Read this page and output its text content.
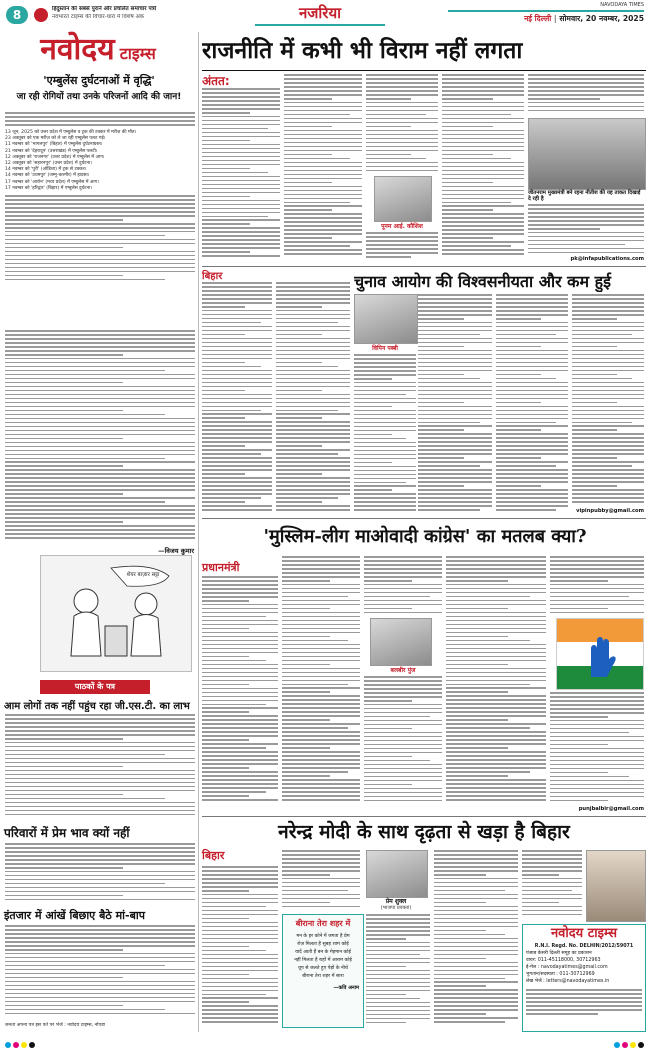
8	हिंदुस्तान की सबसे पुराने और प्रचलित समाचार पत्रों
नवभारत टाइम्स की विचार-धारा में विशेष अंक	नजरिया	NAVODAYA TIMES
नई दिल्ली | सोमवार, 20 नवम्बर, 2025
नवोदय टाइम्स
'एम्बुलेंस दुर्घटनाओं में वृद्धि'
जा रही रोगियों तथा उनके परिजनों आदि की जान!
13 जून, 2025 को उत्तर प्रदेश में एम्बुलेंस व ट्रक की टक्कर में मरीज़ की मौत।
23 अक्तूबर को एक मरीज़ को ले जा रही एम्बुलेंस पलट गई।
11 नवम्बर को 'भागलपुर' (बिहार) में एम्बुलेंस दुर्घटनाग्रस्त।
21 नवम्बर को 'देहरादून' (उत्तराखंड) में एम्बुलेंस पलटी।
12 अक्तूबर को 'राजनगर' (उत्तर प्रदेश) में एम्बुलेंस में आग।
12 अक्तूबर को 'सहारनपुर' (उत्तर प्रदेश) में दुर्घटना।
14 नवम्बर को 'पुरी' (ओडिशा) में ट्रक से टक्कर।
14 नवम्बर को 'उधमपुर' (जम्मू-कश्मीर) में हादसा।
17 नवम्बर को 'आरोन' (मध्य प्रदेश) में एम्बुलेंस में आग।
17 नवम्बर को 'हरिद्वार' (बिहार) में एम्बुलेंस दुर्घटना।
—विजय कुमार
शेयर बाज़ार सट्टा
पाठकों के पत्र
आम लोगों तक नहीं पहुंच रहा जी.एस.टी. का लाभ
परिवारों में प्रेम भाव क्यों नहीं
इंतजार में आंखें बिछाए बैठे मां-बाप
जनता अपना पत्र इस पते पर भेजें : नवोदय टाइम्स, नोएडा
राजनीति में कभी भी विराम नहीं लगता
अंतत:
पूनम आई. कौशिश
जीतनराम मुख्यमंत्री बने रहना नीतीश की यह ताकत दिखाई दे रही है
pk@infapublications.com
बिहार	चुनाव आयोग की विश्वसनीयता और कम हुई
विपिन पब्बी
vipinpubby@gmail.com
'मुस्लिम-लीग माओवादी कांग्रेस' का मतलब क्या?
प्रधानमंत्री
बलबीर पुंज
punjbalbir@gmail.com
नरेन्द्र मोदी के साथ दृढ़ता से खड़ा है बिहार
बिहार
प्रेम शुक्ल
(भाजपा प्रवक्ता)
बीराना तेरा शहर में
मन के हर कोने में जगता है प्रेम
रोज़ मिलता है सुबह शाम कोई
यादें आती हैं बन के मेहमान कोई
नहीं मिलता है राहों में आराम कोई
धूप से जलते हुए पेड़ों के नीचे
बीराना तेरा शहर में सारा
—कवि अनाम
नवोदय टाइम्स
R.N.I. Regd. No. DELHIN/2012/59071
पंजाब केसरी दिल्ली समूह का प्रकाशन
वायर: 011-45118000, 30712963
ई-मेल : navodayatimes@gmail.com
भुगतान/सदस्यता : 011-30712969
लेख भेजें : letters@navodayatimes.in
